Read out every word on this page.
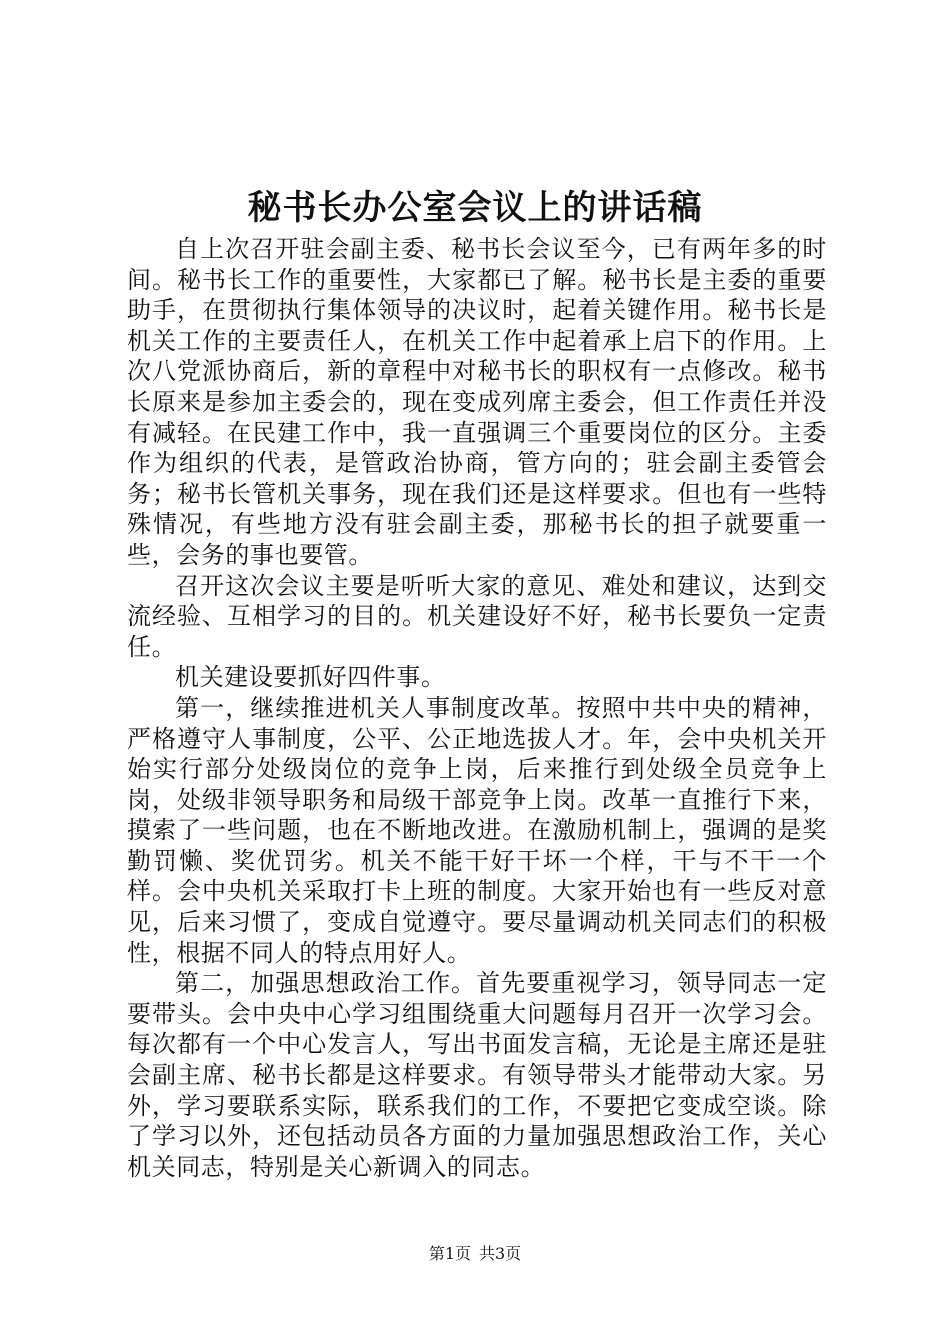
秘书长办公室会议上的讲话稿

自上次召开驻会副主委、秘书长会议至今，已有两年多的时间。秘书长工作的重要性，大家都已了解。秘书长是主委的重要助手，在贯彻执行集体领导的决议时，起着关键作用。秘书长是机关工作的主要责任人，在机关工作中起着承上启下的作用。上次八党派协商后，新的章程中对秘书长的职权有一点修改。秘书长原来是参加主委会的，现在变成列席主委会，但工作责任并没有减轻。在民建工作中，我一直强调三个重要岗位的区分。主委作为组织的代表，是管政治协商，管方向的；驻会副主委管会务；秘书长管机关事务，现在我们还是这样要求。但也有一些特殊情况，有些地方没有驻会副主委，那秘书长的担子就要重一些，会务的事也要管。

召开这次会议主要是听听大家的意见、难处和建议，达到交流经验、互相学习的目的。机关建设好不好，秘书长要负一定责任。

机关建设要抓好四件事。

第一，继续推进机关人事制度改革。按照中共中央的精神，严格遵守人事制度，公平、公正地选拔人才。年，会中央机关开始实行部分处级岗位的竞争上岗，后来推行到处级全员竞争上岗，处级非领导职务和局级干部竞争上岗。改革一直推行下来，摸索了一些问题，也在不断地改进。在激励机制上，强调的是奖勤罚懒、奖优罚劣。机关不能干好干坏一个样，干与不干一个样。会中央机关采取打卡上班的制度。大家开始也有一些反对意见，后来习惯了，变成自觉遵守。要尽量调动机关同志们的积极性，根据不同人的特点用好人。

第二，加强思想政治工作。首先要重视学习，领导同志一定要带头。会中央中心学习组围绕重大问题每月召开一次学习会。每次都有一个中心发言人，写出书面发言稿，无论是主席还是驻会副主席、秘书长都是这样要求。有领导带头才能带动大家。另外，学习要联系实际，联系我们的工作，不要把它变成空谈。除了学习以外，还包括动员各方面的力量加强思想政治工作，关心机关同志，特别是关心新调入的同志。

第1页 共3页
